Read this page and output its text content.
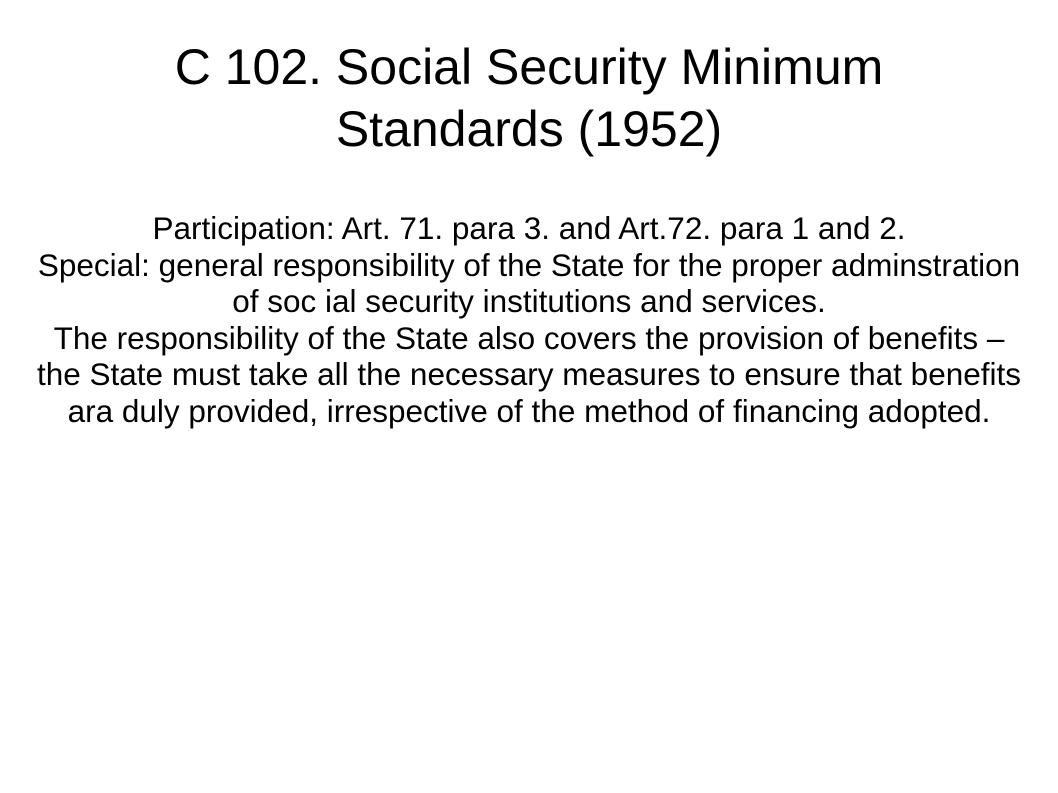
C 102. Social Security Minimum
Standards (1952)

Participation: Art. 71. para 3. and Art.72. para 1 and 2.

Special: general responsibility of the State for the proper adminstration of soc ial security institutions and services.

The responsibility of the State also covers the provision of benefits – the State must take all the necessary measures to ensure that benefits ara duly provided, irrespective of the method of financing adopted.
